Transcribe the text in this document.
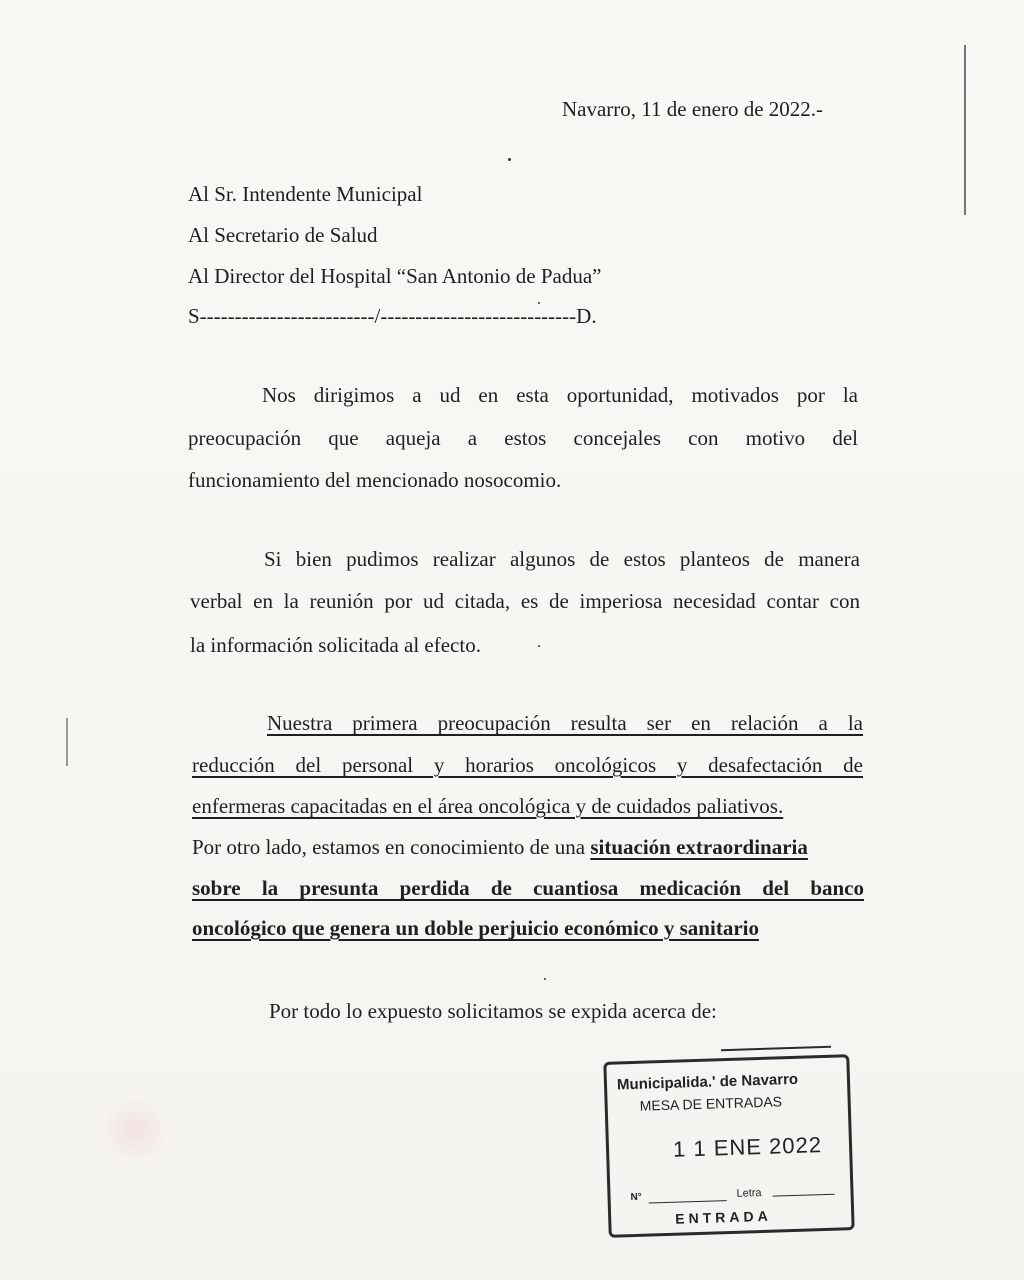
Navarro, 11 de enero de 2022.-
Al Sr. Intendente Municipal
Al Secretario de Salud
Al Director del Hospital “San Antonio de Padua”
S-------------------------/----------------------------D.
Nos dirigimos a ud en esta oportunidad, motivados por la
preocupación que aqueja a estos concejales con motivo del
funcionamiento del mencionado nosocomio.
Si bien pudimos realizar algunos de estos planteos de manera
verbal en la reunión por ud citada, es de imperiosa necesidad contar con
la información solicitada al efecto.
Nuestra primera preocupación resulta ser en relación a la
reducción del personal y horarios oncológicos y desafectación de
enfermeras capacitadas en el área oncológica y de cuidados paliativos.
Por otro lado, estamos en conocimiento de una situación extraordinaria
sobre la presunta perdida de cuantiosa medicación del banco
oncológico que genera un doble perjuicio económico y sanitario
Por todo lo expuesto solicitamos se expida acerca de:
Municipalida.' de Navarro
MESA DE ENTRADAS
1 1 ENE 2022
N°	Letra
ENTRADA
